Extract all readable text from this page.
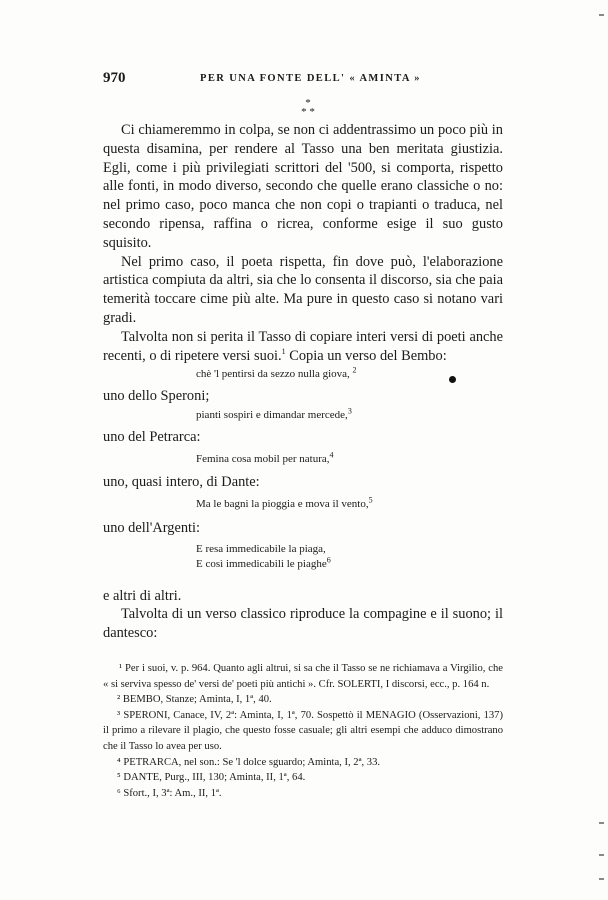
970	PER UNA FONTE DELL' « AMINTA »
*
* *

Ci chiameremmo in colpa, se non ci addentrassimo un poco più in questa disamina, per rendere al Tasso una ben meritata giustizia. Egli, come i più privilegiati scrittori del '500, si comporta, rispetto alle fonti, in modo diverso, secondo che quelle erano classiche o no: nel primo caso, poco manca che non copi o trapianti o traduca, nel secondo ripensa, raffina o ricrea, conforme esige il suo gusto squisito.

Nel primo caso, il poeta rispetta, fin dove può, l'elaborazione artistica compiuta da altri, sia che lo consenta il discorso, sia che paia temerità toccare cime più alte. Ma pure in questo caso si notano vari gradi.

Talvolta non si perita il Tasso di copiare interi versi di poeti anche recenti, o di ripetere versi suoi.$^1$ Copia un verso del Bembo:

chè 'l pentirsi da sezzo nulla giova, $^2$

uno dello Speroni;

pianti sospiri e dimandar mercede,$^3$

uno del Petrarca:

Femina cosa mobil per natura,$^4$

uno, quasi intero, di Dante:

Ma le bagni la pioggia e mova il vento,$^5$

uno dell'Argenti:

E resa immedicabile la piaga,
E così immedicabili le piaghe$^6$

e altri di altri.

Talvolta di un verso classico riproduce la compagine e il suono; il dantesco:

¹ Per i suoi, v. p. 964. Quanto agli altrui, si sa che il Tasso se ne richiamava a Virgilio, che « si serviva spesso de' versi de' poeti più antichi ». Cfr. SOLERTI, I discorsi, ecc., p. 164 n.

² BEMBO, Stanze; Aminta, I, 1ª, 40.

³ SPERONI, Canace, IV, 2ª: Aminta, I, 1ª, 70. Sospettò il MENAGIO (Osservazioni, 137) il primo a rilevare il plagio, che questo fosse casuale; gli altri esempi che adduco dimostrano che il Tasso lo avea per uso.

⁴ PETRARCA, nel son.: Se 'l dolce sguardo; Aminta, I, 2ª, 33.

⁵ DANTE, Purg., III, 130; Aminta, II, 1ª, 64.

⁶ Sfort., I, 3ª: Am., II, 1ª.
